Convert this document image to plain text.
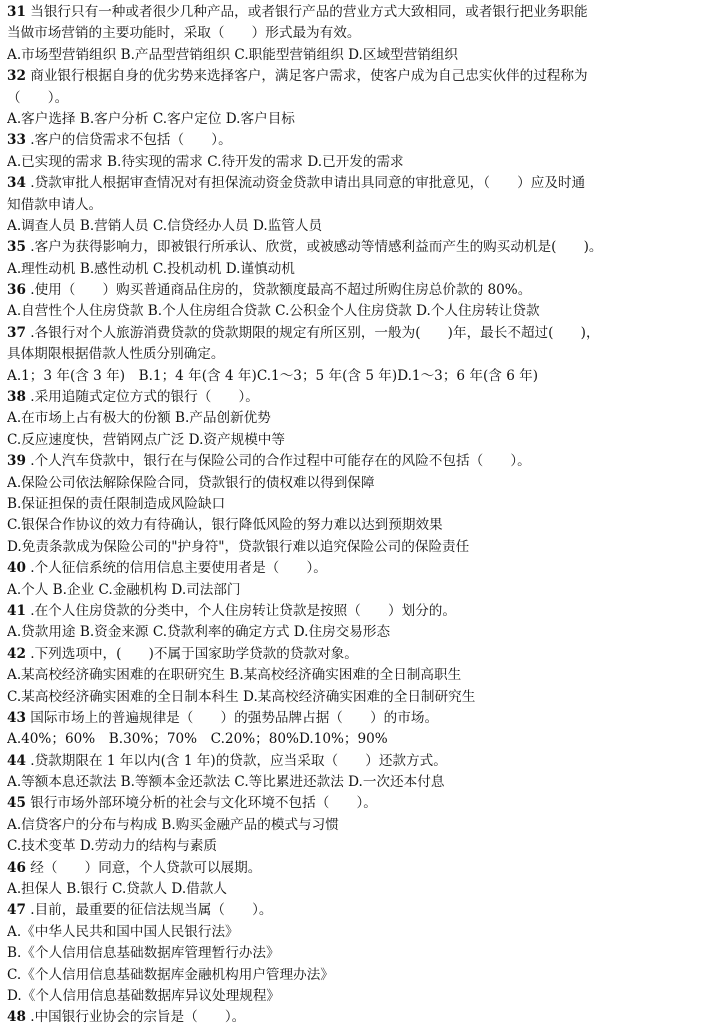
31 当银行只有一种或者很少几种产品，或者银行产品的营业方式大致相同，或者银行把业务职能
当做市场营销的主要功能时，采取（　　）形式最为有效。
A.市场型营销组织 B.产品型营销组织 C.职能型营销组织 D.区域型营销组织
32 商业银行根据自身的优劣势来选择客户，满足客户需求，使客户成为自己忠实伙伴的过程称为
（　　）。
A.客户选择 B.客户分析 C.客户定位 D.客户目标
33 .客户的信贷需求不包括（　　）。
A.已实现的需求 B.待实现的需求 C.待开发的需求 D.已开发的需求
34 .贷款审批人根据审查情况对有担保流动资金贷款申请出具同意的审批意见，（　　）应及时通
知借款申请人。
A.调查人员 B.营销人员 C.信贷经办人员 D.监管人员
35 .客户为获得影响力，即被银行所承认、欣赏，或被感动等情感利益而产生的购买动机是(　　)。
A.理性动机 B.感性动机 C.投机动机 D.谨慎动机
36 .使用（　　）购买普通商品住房的，贷款额度最高不超过所购住房总价款的 80%。
A.自营性个人住房贷款 B.个人住房组合贷款 C.公积金个人住房贷款 D.个人住房转让贷款
37 .各银行对个人旅游消费贷款的贷款期限的规定有所区别，一般为(　　)年，最长不超过(　　)，
具体期限根据借款人性质分别确定。
A.1；3 年(含 3 年)　B.1；4 年(含 4 年)C.1～3；5 年(含 5 年)D.1～3；6 年(含 6 年)
38 .采用追随式定位方式的银行（　　）。
A.在市场上占有极大的份额 B.产品创新优势
C.反应速度快，营销网点广泛 D.资产规模中等
39 .个人汽车贷款中，银行在与保险公司的合作过程中可能存在的风险不包括（　　）。
A.保险公司依法解除保险合同，贷款银行的债权难以得到保障
B.保证担保的责任限制造成风险缺口
C.银保合作协议的效力有待确认，银行降低风险的努力难以达到预期效果
D.免责条款成为保险公司的"护身符"，贷款银行难以追究保险公司的保险责任
40 .个人征信系统的信用信息主要使用者是（　　）。
A.个人 B.企业 C.金融机构 D.司法部门
41 .在个人住房贷款的分类中，个人住房转让贷款是按照（　　）划分的。
A.贷款用途 B.资金来源 C.贷款利率的确定方式 D.住房交易形态
42 .下列选项中，(　　)不属于国家助学贷款的贷款对象。
A.某高校经济确实困难的在职研究生 B.某高校经济确实困难的全日制高职生
C.某高校经济确实困难的全日制本科生 D.某高校经济确实困难的全日制研究生
43 国际市场上的普遍规律是（　　）的强势品牌占据（　　）的市场。
A.40%；60%　B.30%；70%　C.20%；80%D.10%；90%
44 .贷款期限在 1 年以内(含 1 年)的贷款，应当采取（　　）还款方式。
A.等额本息还款法 B.等额本金还款法 C.等比累进还款法 D.一次还本付息
45 银行市场外部环境分析的社会与文化环境不包括（　　）。
A.信贷客户的分布与构成 B.购买金融产品的模式与习惯
C.技术变革 D.劳动力的结构与素质
46 经（　　）同意，个人贷款可以展期。
A.担保人 B.银行 C.贷款人 D.借款人
47 .目前，最重要的征信法规当属（　　）。
A.《中华人民共和国中国人民银行法》
B.《个人信用信息基础数据库管理暂行办法》
C.《个人信用信息基础数据库金融机构用户管理办法》
D.《个人信用信息基础数据库异议处理规程》
48 .中国银行业协会的宗旨是（　　）。
